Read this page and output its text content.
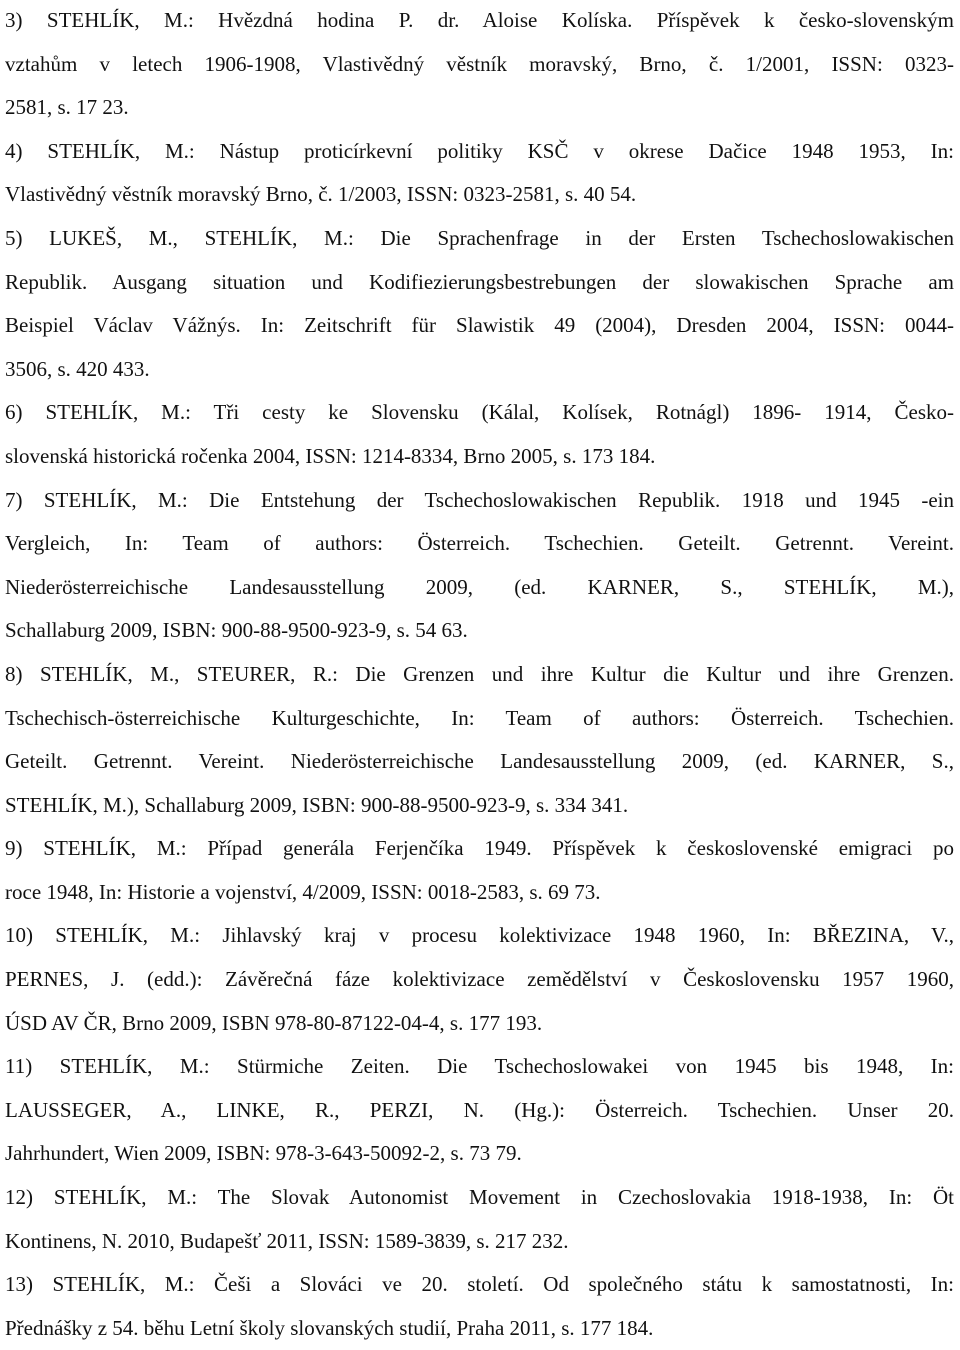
3) STEHLÍK, M.: Hvězdná hodina P. dr. Aloise Kolíska. Příspěvek k česko-slovenským
vztahům v letech 1906-1908, Vlastivědný věstník moravský, Brno, č. 1/2001, ISSN: 0323-
2581, s. 17 23.
4) STEHLÍK, M.: Nástup proticírkevní politiky KSČ v okrese Dačice 1948 1953, In:
Vlastivědný věstník moravský Brno, č. 1/2003, ISSN: 0323-2581, s. 40 54.
5) LUKEŠ, M., STEHLÍK, M.: Die Sprachenfrage in der Ersten Tschechoslowakischen
Republik. Ausgang situation und Kodifiezierungsbestrebungen der slowakischen Sprache am
Beispiel Václav Vážnýs. In: Zeitschrift für Slawistik 49 (2004), Dresden 2004, ISSN: 0044-
3506, s. 420 433.
6) STEHLÍK, M.: Tři cesty ke Slovensku (Kálal, Kolísek, Rotnágl) 1896- 1914, Česko-
slovenská historická ročenka 2004, ISSN: 1214-8334, Brno 2005, s. 173 184.
7) STEHLÍK, M.: Die Entstehung der Tschechoslowakischen Republik. 1918 und 1945 -ein
Vergleich, In: Team of authors: Österreich. Tschechien. Geteilt. Getrennt. Vereint.
Niederösterreichische Landesausstellung 2009, (ed. KARNER, S., STEHLÍK, M.),
Schallaburg 2009, ISBN: 900-88-9500-923-9, s. 54 63.
8) STEHLÍK, M., STEURER, R.: Die Grenzen und ihre Kultur die Kultur und ihre Grenzen.
Tschechisch-österreichische Kulturgeschichte, In: Team of authors: Österreich. Tschechien.
Geteilt. Getrennt. Vereint. Niederösterreichische Landesausstellung 2009, (ed. KARNER, S.,
STEHLÍK, M.), Schallaburg 2009, ISBN: 900-88-9500-923-9, s. 334 341.
9) STEHLÍK, M.: Případ generála Ferjenčíka 1949. Příspěvek k československé emigraci po
roce 1948, In: Historie a vojenství, 4/2009, ISSN: 0018-2583, s. 69 73.
10) STEHLÍK, M.: Jihlavský kraj v procesu kolektivizace 1948 1960, In: BŘEZINA, V.,
PERNES, J. (edd.): Závěrečná fáze kolektivizace zemědělství v Československu 1957 1960,
ÚSD AV ČR, Brno 2009, ISBN 978-80-87122-04-4, s. 177 193.
11) STEHLÍK, M.: Stürmiche Zeiten. Die Tschechoslowakei von 1945 bis 1948, In:
LAUSSEGER, A., LINKE, R., PERZI, N. (Hg.): Österreich. Tschechien. Unser 20.
Jahrhundert, Wien 2009, ISBN: 978-3-643-50092-2, s. 73 79.
12) STEHLÍK, M.: The Slovak Autonomist Movement in Czechoslovakia 1918-1938, In: Öt
Kontinens, N. 2010, Budapešť 2011, ISSN: 1589-3839, s. 217 232.
13) STEHLÍK, M.: Češi a Slováci ve 20. století. Od společného státu k samostatnosti, In:
Přednášky z 54. běhu Letní školy slovanských studií, Praha 2011, s. 177 184.
